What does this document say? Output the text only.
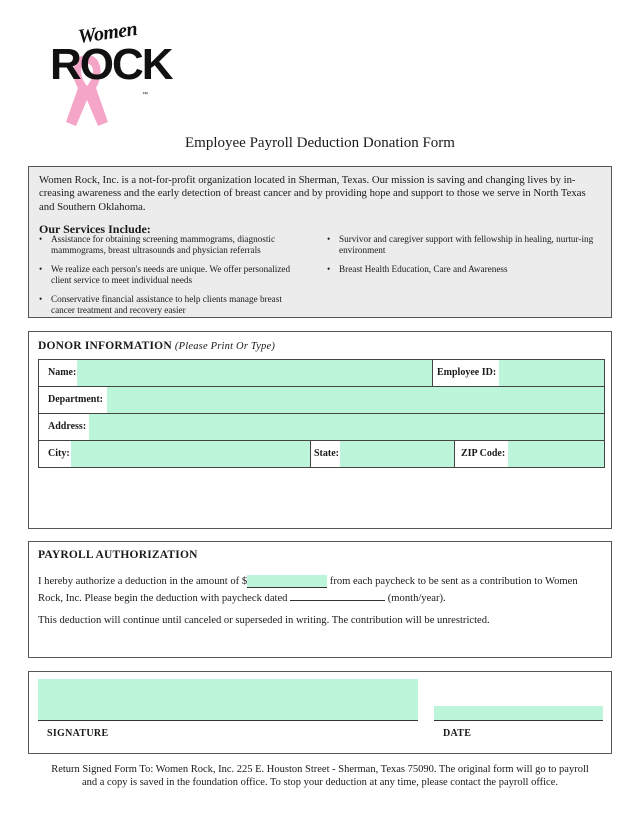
Women
ROCK
™
Employee Payroll Deduction Donation Form

Women Rock, Inc. is a not-for-profit organization located in Sherman, Texas. Our mission is saving and changing lives by in-creasing awareness and the early detection of breast cancer and by providing hope and support to those we serve in North Texas and Southern Oklahoma.

Our Services Include:
• Assistance for obtaining screening mammograms, diagnostic mammograms, breast ultrasounds and physician referrals
• We realize each person's needs are unique. We offer personalized client service to meet individual needs
• Conservative financial assistance to help clients manage breast cancer treatment and recovery easier
• Survivor and caregiver support with fellowship in healing, nurtur-ing environment
• Breast Health Education, Care and Awareness
DONOR INFORMATION (Please Print Or Type)
Name:	Employee ID:
Department:
Address:
City:	State:	ZIP Code:
PAYROLL AUTHORIZATION
I hereby authorize a deduction in the amount of $	from each paycheck to be sent as a contribution to Women Rock, Inc. Please begin the deduction with paycheck dated	(month/year).
This deduction will continue until canceled or superseded in writing. The contribution will be unrestricted.
SIGNATURE	DATE
Return Signed Form To: Women Rock, Inc. 225 E. Houston Street - Sherman, Texas 75090. The original form will go to payroll
and a copy is saved in the foundation office. To stop your deduction at any time, please contact the payroll office.
